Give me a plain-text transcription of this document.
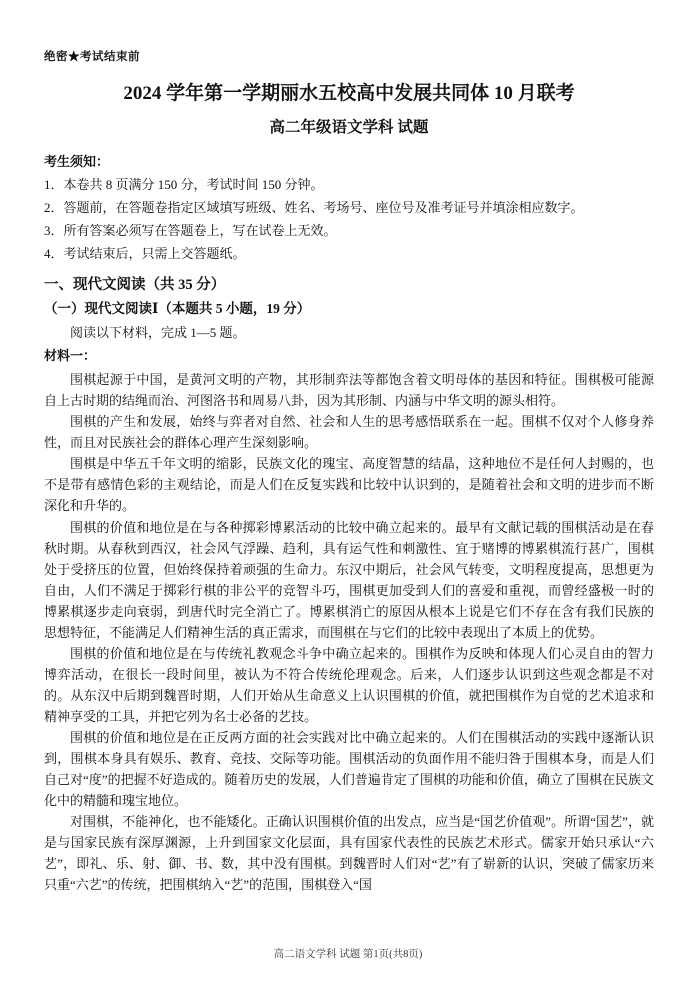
绝密★考试结束前
2024 学年第一学期丽水五校高中发展共同体 10 月联考
高二年级语文学科 试题
考生须知：
1．本卷共 8 页满分 150 分，考试时间 150 分钟。
2．答题前，在答题卷指定区域填写班级、姓名、考场号、座位号及准考证号并填涂相应数字。
3．所有答案必须写在答题卷上，写在试卷上无效。
4．考试结束后，只需上交答题纸。
一、现代文阅读（共 35 分）
（一）现代文阅读Ⅰ（本题共 5 小题，19 分）
阅读以下材料，完成 1—5 题。
材料一：

围棋起源于中国，是黄河文明的产物，其形制弈法等都饱含着文明母体的基因和特征。围棋极可能源自上古时期的结绳而治、河图洛书和周易八卦，因为其形制、内涵与中华文明的源头相符。

围棋的产生和发展，始终与弈者对自然、社会和人生的思考感悟联系在一起。围棋不仅对个人修身养性，而且对民族社会的群体心理产生深刻影响。

围棋是中华五千年文明的缩影，民族文化的瑰宝、高度智慧的结晶，这种地位不是任何人封赐的，也不是带有感情色彩的主观结论，而是人们在反复实践和比较中认识到的，是随着社会和文明的进步而不断深化和升华的。

围棋的价值和地位是在与各种掷彩博累活动的比较中确立起来的。最早有文献记载的围棋活动是在春秋时期。从春秋到西汉，社会风气浮躁、趋利，具有运气性和刺激性、宜于赌博的博累棋流行甚广，围棋处于受挤压的位置，但始终保持着顽强的生命力。东汉中期后，社会风气转变，文明程度提高，思想更为自由，人们不满足于掷彩行棋的非公平的竞智斗巧，围棋更加受到人们的喜爱和重视，而曾经盛极一时的博累棋逐步走向衰弱，到唐代时完全消亡了。博累棋消亡的原因从根本上说是它们不存在含有我们民族的思想特征，不能满足人们精神生活的真正需求，而围棋在与它们的比较中表现出了本质上的优势。

围棋的价值和地位是在与传统礼教观念斗争中确立起来的。围棋作为反映和体现人们心灵自由的智力博弈活动，在很长一段时间里，被认为不符合传统伦理观念。后来，人们逐步认识到这些观念都是不对的。从东汉中后期到魏晋时期，人们开始从生命意义上认识围棋的价值，就把围棋作为自觉的艺术追求和精神享受的工具，并把它列为名士必备的艺技。

围棋的价值和地位是在正反两方面的社会实践对比中确立起来的。人们在围棋活动的实践中逐渐认识到，围棋本身具有娱乐、教育、竞技、交际等功能。围棋活动的负面作用不能归咎于围棋本身，而是人们自己对“度”的把握不好造成的。随着历史的发展，人们普遍肯定了围棋的功能和价值，确立了围棋在民族文化中的精髓和瑰宝地位。

对围棋，不能神化，也不能矮化。正确认识围棋价值的出发点，应当是“国艺价值观”。所谓“国艺”，就是与国家民族有深厚渊源，上升到国家文化层面，具有国家代表性的民族艺术形式。儒家开始只承认“六艺”，即礼、乐、射、御、书、数，其中没有围棋。到魏晋时人们对“艺”有了崭新的认识，突破了儒家历来只重“六艺”的传统，把围棋纳入“艺”的范围，围棋登入“国

高二语文学科 试题 第1页(共8页)
